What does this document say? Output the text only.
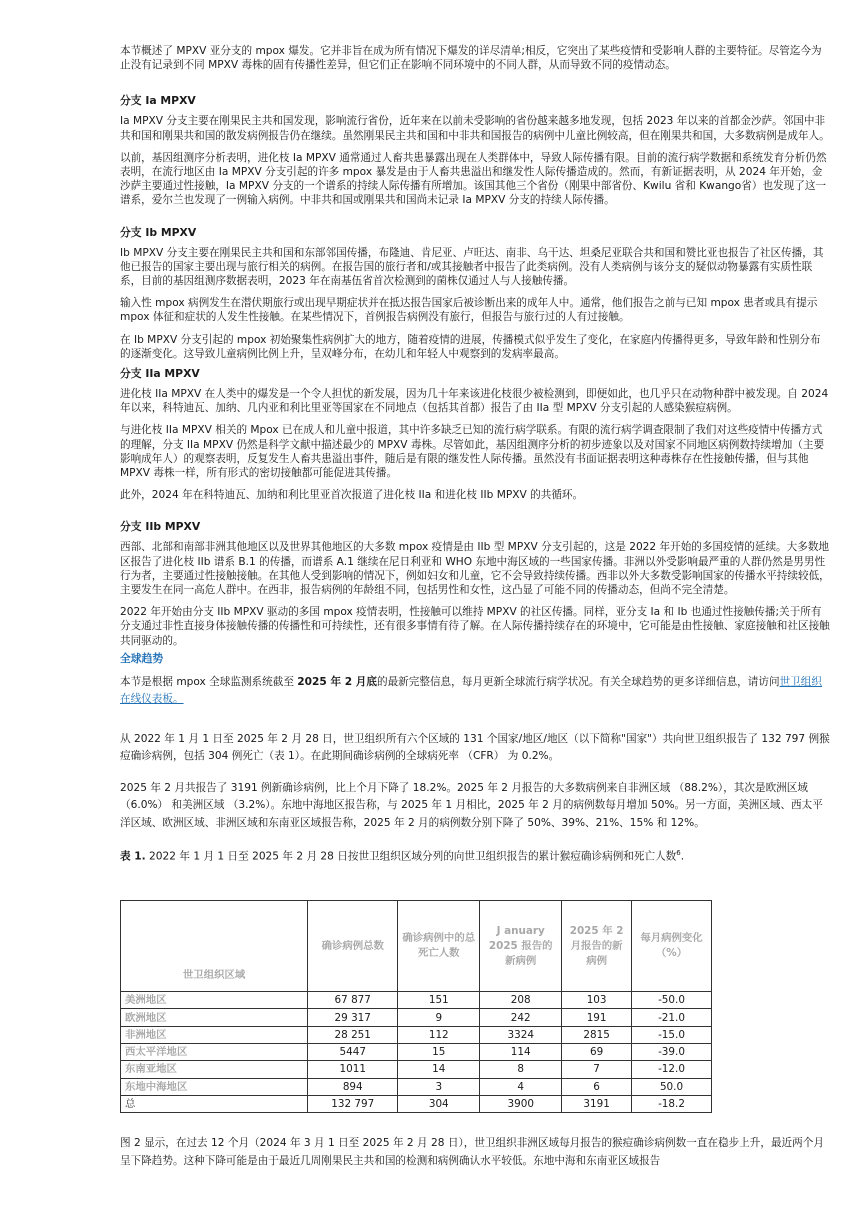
本节概述了 MPXV 亚分支的 mpox 爆发。它并非旨在成为所有情况下爆发的详尽清单;相反，它突出了某些疫情和受影响人群的主要特征。尽管迄今为止没有记录到不同 MPXV 毒株的固有传播性差异，但它们正在影响不同环境中的不同人群，从而导致不同的疫情动态。

分支 Ia MPXV

Ia MPXV 分支主要在刚果民主共和国发现，影响流行省份，近年来在以前未受影响的省份越来越多地发现，包括 2023 年以来的首都金沙萨。邻国中非共和国和刚果共和国的散发病例报告仍在继续。虽然刚果民主共和国和中非共和国报告的病例中儿童比例较高，但在刚果共和国，大多数病例是成年人。

以前，基因组测序分析表明，进化枝 Ia MPXV 通常通过人畜共患暴露出现在人类群体中，导致人际传播有限。目前的流行病学数据和系统发育分析仍然表明，在流行地区由 Ia MPXV 分支引起的许多 mpox 暴发是由于人畜共患溢出和继发性人际传播造成的。然而，有新证据表明，从 2024 年开始，金沙萨主要通过性接触，Ia MPXV 分支的一个谱系的持续人际传播有所增加。该国其他三个省份（刚果中部省份、Kwilu 省和 Kwango省）也发现了这一谱系，爱尔兰也发现了一例输入病例。中非共和国或刚果共和国尚未记录 Ia MPXV 分支的持续人际传播。

分支 Ib MPXV

Ib MPXV 分支主要在刚果民主共和国和东部邻国传播，布隆迪、肯尼亚、卢旺达、南非、乌干达、坦桑尼亚联合共和国和赞比亚也报告了社区传播，其他已报告的国家主要出现与旅行相关的病例。在报告国的旅行者和/或其接触者中报告了此类病例。没有人类病例与该分支的疑似动物暴露有实质性联系，目前的基因组测序数据表明，2023 年在南基伍省首次检测到的菌株仅通过人与人接触传播。

输入性 mpox 病例发生在潜伏期旅行或出现早期症状并在抵达报告国家后被诊断出来的成年人中。通常，他们报告之前与已知 mpox 患者或具有提示 mpox 体征和症状的人发生性接触。在某些情况下，首例报告病例没有旅行，但报告与旅行过的人有过接触。

在 Ib MPXV 分支引起的 mpox 初始聚集性病例扩大的地方，随着疫情的进展，传播模式似乎发生了变化，在家庭内传播得更多，导致年龄和性别分布的逐渐变化。这导致儿童病例比例上升，呈双峰分布，在幼儿和年轻人中观察到的发病率最高。

分支 IIa MPXV

进化枝 IIa MPXV 在人类中的爆发是一个令人担忧的新发展，因为几十年来该进化枝很少被检测到，即便如此，也几乎只在动物种群中被发现。自 2024 年以来，科特迪瓦、加纳、几内亚和利比里亚等国家在不同地点（包括其首都）报告了由 IIa 型 MPXV 分支引起的人感染猴痘病例。

与进化枝 IIa MPXV 相关的 Mpox 已在成人和儿童中报道，其中许多缺乏已知的流行病学联系。有限的流行病学调查限制了我们对这些疫情中传播方式的理解，分支 IIa MPXV 仍然是科学文献中描述最少的 MPXV 毒株。尽管如此，基因组测序分析的初步迹象以及对国家不同地区病例数持续增加（主要影响成年人）的观察表明，反复发生人畜共患溢出事件，随后是有限的继发性人际传播。虽然没有书面证据表明这种毒株存在性接触传播，但与其他 MPXV 毒株一样，所有形式的密切接触都可能促进其传播。

此外，2024 年在科特迪瓦、加纳和利比里亚首次报道了进化枝 IIa 和进化枝 IIb MPXV 的共循环。

分支 IIb MPXV

西部、北部和南部非洲其他地区以及世界其他地区的大多数 mpox 疫情是由 IIb 型 MPXV 分支引起的，这是 2022 年开始的多国疫情的延续。大多数地区报告了进化枝 IIb 谱系 B.1 的传播，而谱系 A.1 继续在尼日利亚和 WHO 东地中海区域的一些国家传播。非洲以外受影响最严重的人群仍然是男男性行为者，主要通过性接触接触。在其他人受到影响的情况下，例如妇女和儿童，它不会导致持续传播。西非以外大多数受影响国家的传播水平持续较低，主要发生在同一高危人群中。在西非，报告病例的年龄组不同，包括男性和女性，这凸显了可能不同的传播动态，但尚不完全清楚。

2022 年开始由分支 IIb MPXV 驱动的多国 mpox 疫情表明，性接触可以维持 MPXV 的社区传播。同样，亚分支 Ia 和 Ib 也通过性接触传播;关于所有分支通过非性直接身体接触传播的传播性和可持续性，还有很多事情有待了解。在人际传播持续存在的环境中，它可能是由性接触、家庭接触和社区接触共同驱动的。

全球趋势

本节是根据 mpox 全球监测系统截至 2025 年 2 月底的最新完整信息，每月更新全球流行病学状况。有关全球趋势的更多详细信息，请访问世卫组织在线仪表板。

从 2022 年 1 月 1 日至 2025 年 2 月 28 日，世卫组织所有六个区域的 131 个国家/地区/地区（以下简称"国家"）共向世卫组织报告了 132 797 例猴痘确诊病例，包括 304 例死亡（表 1）。在此期间确诊病例的全球病死率 （CFR） 为 0.2%。

2025 年 2 月共报告了 3191 例新确诊病例，比上个月下降了 18.2%。2025 年 2 月报告的大多数病例来自非洲区域 （88.2%），其次是欧洲区域 （6.0%） 和美洲区域 （3.2%）。东地中海地区报告称，与 2025 年 1 月相比，2025 年 2 月的病例数每月增加 50%。另一方面，美洲区域、西太平洋区域、欧洲区域、非洲区域和东南亚区域报告称，2025 年 2 月的病例数分别下降了 50%、39%、21%、15% 和 12%。

表 1. 2022 年 1 月 1 日至 2025 年 2 月 28 日按世卫组织区域分列的向世卫组织报告的累计猴痘确诊病例和死亡人数$^6$.

世卫组织区域	确诊病例总数	确诊病例中的总死亡人数	J anuary 2025 报告的新病例	2025 年 2 月报告的新病例	每月病例变化 （%）
美洲地区	67 877	151	208	103	-50.0
欧洲地区	29 317	9	242	191	-21.0
非洲地区	28 251	112	3324	2815	-15.0
西太平洋地区	5447	15	114	69	-39.0
东南亚地区	1011	14	8	7	-12.0
东地中海地区	894	3	4	6	50.0
总	132 797	304	3900	3191	-18.2

图 2 显示，在过去 12 个月（2024 年 3 月 1 日至 2025 年 2 月 28 日），世卫组织非洲区域每月报告的猴痘确诊病例数一直在稳步上升，最近两个月呈下降趋势。这种下降可能是由于最近几周刚果民主共和国的检测和病例确认水平较低。东地中海和东南亚区域报告
